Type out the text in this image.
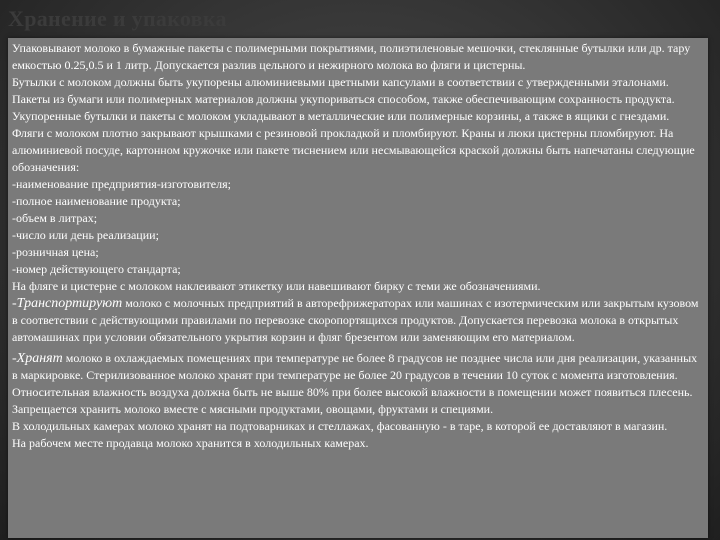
Хранение и упаковка

Упаковывают молоко в бумажные пакеты с полимерными покрытиями, полиэтиленовые мешочки, стеклянные бутылки или др. тару емкостью 0.25,0.5 и 1 литр. Допускается разлив цельного и нежирного молока во фляги и цистерны.

Бутылки с молоком должны быть укупорены алюминиевыми цветными капсулами в соответствии с утвержденными эталонами. Пакеты из бумаги или полимерных материалов должны укупориваться способом, также обеспечивающим сохранность продукта.

Укупоренные бутылки и пакеты с молоком укладывают в металлические или полимерные корзины, а также в ящики с гнездами. Фляги с молоком плотно закрывают крышками с резиновой прокладкой и пломбируют. Краны и люки цистерны пломбируют. На алюминиевой посуде, картонном кружочке или пакете тиснением или несмывающейся краской должны быть напечатаны следующие обозначения:

-наименование предприятия-изготовителя;

-полное наименование продукта;

-объем в литрах;

-число или день реализации;

-розничная цена;

-номер действующего стандарта;

На фляге и цистерне с молоком наклеивают этикетку или навешивают бирку с теми же обозначениями.

-Транспортируют молоко с молочных предприятий в авторефрижераторах или машинах с изотермическим или закрытым кузовом в соответствии с действующими правилами по перевозке скоропортящихся продуктов. Допускается перевозка молока в открытых автомашинах при условии обязательного укрытия корзин и фляг брезентом или заменяющим его материалом.

-Хранят молоко в охлаждаемых помещениях при температуре не более 8 градусов не позднее числа или дня реализации, указанных в маркировке. Стерилизованное молоко хранят при температуре не более 20 градусов в течении 10 суток с момента изготовления. Относительная влажность воздуха должна быть не выше 80% при более высокой влажности в помещении может появиться плесень.

Запрещается хранить молоко вместе с мясными продуктами, овощами, фруктами и специями.

В холодильных камерах молоко хранят на подтоварниках и стеллажах, фасованную - в таре, в которой ее доставляют в магазин.

На рабочем месте продавца молоко хранится в холодильных камерах.
